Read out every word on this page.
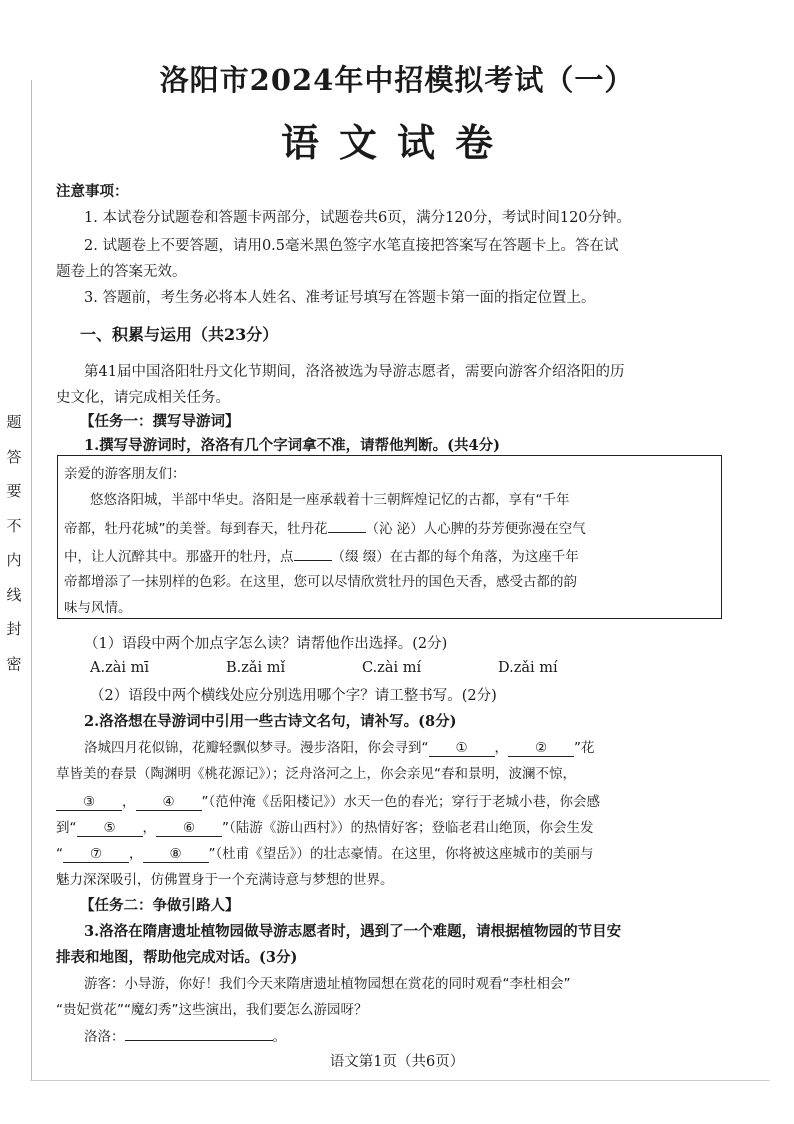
题
答
要
不
内
线
封
密
洛阳市2024年中招模拟考试（一）
语文试卷
注意事项：
1. 本试卷分试题卷和答题卡两部分，试题卷共6页，满分120分，考试时间120分钟。
2. 试题卷上不要答题，请用0.5毫米黑色签字水笔直接把答案写在答题卡上。答在试
题卷上的答案无效。
3. 答题前，考生务必将本人姓名、准考证号填写在答题卡第一面的指定位置上。
一、积累与运用（共23分）
第41届中国洛阳牡丹文化节期间，洛洛被选为导游志愿者，需要向游客介绍洛阳的历
史文化，请完成相关任务。
【任务一：撰写导游词】
1.撰写导游词时，洛洛有几个字词拿不准，请帮他判断。(共4分)
亲爱的游客朋友们：
悠悠洛阳城，半部中华史。洛阳是一座承载着十三朝辉煌记忆的古都，享有“千年
帝都，牡丹花城”的美誉。每到春天，牡丹花	（沁 泌）人心脾的芬芳便弥漫在空气
中，让人沉醉其中。那盛开的牡丹，点	（缀 缀）在古都的每个角落，为这座千年
帝都增添了一抹别样的色彩。在这里，您可以尽情欣赏牡丹的国色天香，感受古都的韵
味与风情。
（1）语段中两个加点字怎么读？请帮他作出选择。(2分)
A.zài mī	B.zǎi mǐ	C.zài mí	D.zǎi mí
（2）语段中两个横线处应分别选用哪个字？请工整书写。(2分)
2.洛洛想在导游词中引用一些古诗文名句，请补写。(8分)
洛城四月花似锦，花瓣轻飘似梦寻。漫步洛阳，你会寻到“ ① ， ② ”花
草皆美的春景（陶渊明《桃花源记》）；泛舟洛河之上，你会亲见“春和景明，波澜不惊，
③ ， ④ ”（范仲淹《岳阳楼记》）水天一色的春光；穿行于老城小巷，你会感
到“ ⑤ ， ⑥ ”（陆游《游山西村》）的热情好客；登临老君山绝顶，你会生发
“ ⑦ ， ⑧ ”（杜甫《望岳》）的壮志豪情。在这里，你将被这座城市的美丽与
魅力深深吸引，仿佛置身于一个充满诗意与梦想的世界。
【任务二：争做引路人】
3.洛洛在隋唐遗址植物园做导游志愿者时，遇到了一个难题，请根据植物园的节目安
排表和地图，帮助他完成对话。(3分)
游客：小导游，你好！我们今天来隋唐遗址植物园想在赏花的同时观看“李杜相会”
“贵妃赏花”“魔幻秀”这些演出，我们要怎么游园呀？
洛洛：	。
语文第1页（共6页）
